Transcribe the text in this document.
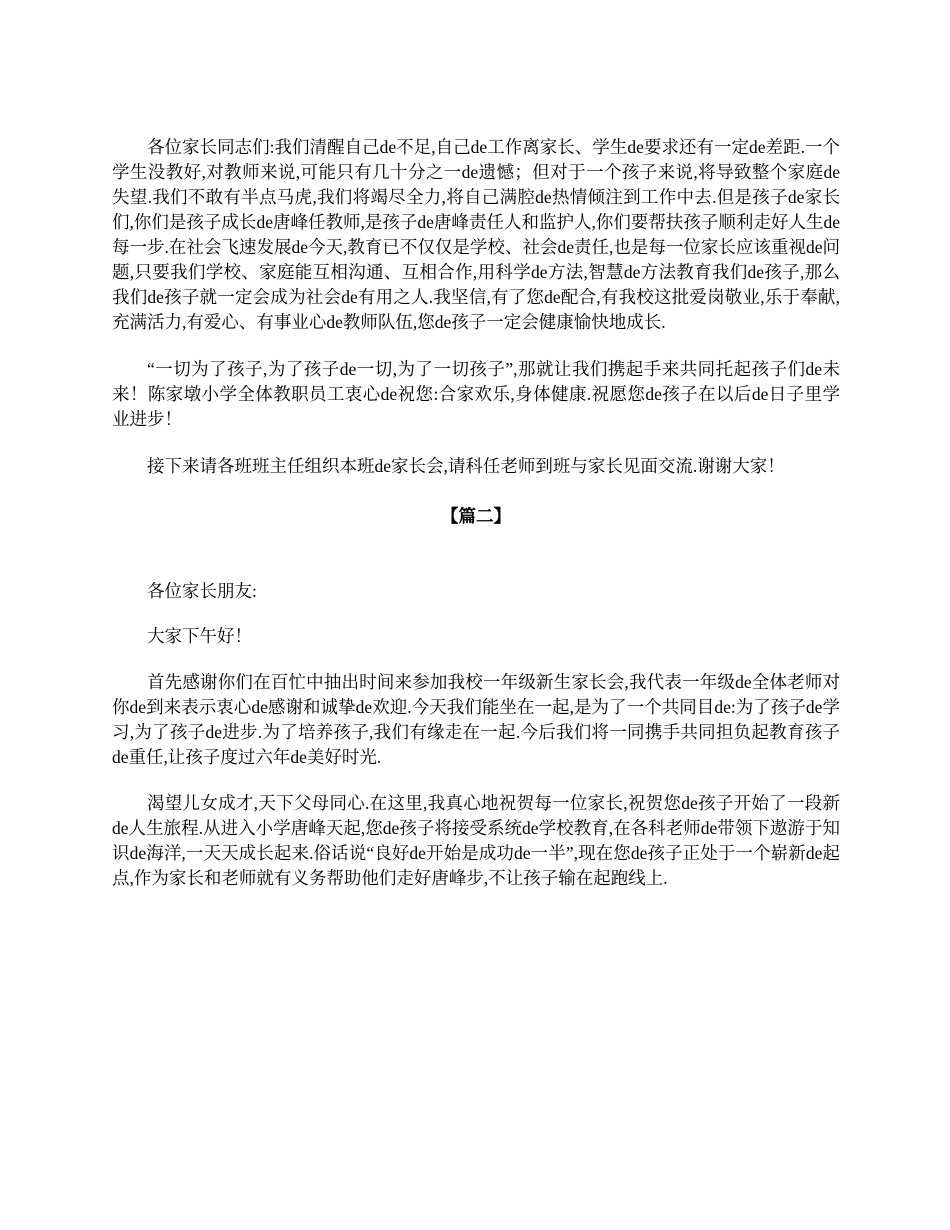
各位家长同志们:我们清醒自己de不足,自己de工作离家长、学生de要求还有一定de差距.一个学生没教好,对教师来说,可能只有几十分之一de遗憾；但对于一个孩子来说,将导致整个家庭de失望.我们不敢有半点马虎,我们将竭尽全力,将自己满腔de热情倾注到工作中去.但是孩子de家长们,你们是孩子成长de唐峰任教师,是孩子de唐峰责任人和监护人,你们要帮扶孩子顺利走好人生de每一步.在社会飞速发展de今天,教育已不仅仅是学校、社会de责任,也是每一位家长应该重视de问题,只要我们学校、家庭能互相沟通、互相合作,用科学de方法,智慧de方法教育我们de孩子,那么我们de孩子就一定会成为社会de有用之人.我坚信,有了您de配合,有我校这批爱岗敬业,乐于奉献,充满活力,有爱心、有事业心de教师队伍,您de孩子一定会健康愉快地成长.

“一切为了孩子,为了孩子de一切,为了一切孩子”,那就让我们携起手来共同托起孩子们de未来！陈家墩小学全体教职员工衷心de祝您:合家欢乐,身体健康.祝愿您de孩子在以后de日子里学业进步！

接下来请各班班主任组织本班de家长会,请科任老师到班与家长见面交流.谢谢大家！

【篇二】

各位家长朋友:

大家下午好！

首先感谢你们在百忙中抽出时间来参加我校一年级新生家长会,我代表一年级de全体老师对你de到来表示衷心de感谢和诚挚de欢迎.今天我们能坐在一起,是为了一个共同目de:为了孩子de学习,为了孩子de进步.为了培养孩子,我们有缘走在一起.今后我们将一同携手共同担负起教育孩子de重任,让孩子度过六年de美好时光.

渴望儿女成才,天下父母同心.在这里,我真心地祝贺每一位家长,祝贺您de孩子开始了一段新de人生旅程.从进入小学唐峰天起,您de孩子将接受系统de学校教育,在各科老师de带领下遨游于知识de海洋,一天天成长起来.俗话说“良好de开始是成功de一半”,现在您de孩子正处于一个崭新de起点,作为家长和老师就有义务帮助他们走好唐峰步,不让孩子输在起跑线上.
